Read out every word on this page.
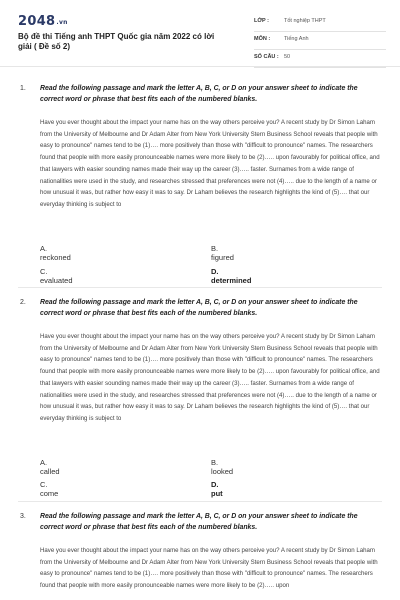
2048.vn
Bộ đề thi Tiếng anh THPT Quốc gia năm 2022 có lời giải ( Đề số 2)
LỚP :	Tốt nghiệp THPT
MÔN :	Tiếng Anh
SỐ CÂU : 50
1. Read the following passage and mark the letter A, B, C, or D on your answer sheet to indicate the correct word or phrase that best fits each of the numbered blanks.
Have you ever thought about the impact your name has on the way others perceive you? A recent study by Dr Simon Laham from the University of Melbourne and Dr Adam Alter from New York University Stern Business School reveals that people with easy to pronounce" names tend to be (1)…. more positively than those with "difficult to pronounce" names. The researchers found that people with more easily pronounceable names were more likely to be (2)….. upon favourably for political office, and that lawyers with easier sounding names made their way up the career (3)….. faster. Surnames from a wide range of nationalities were used in the study, and researches stressed that preferences were not (4)….. due to the length of a name or how unusual it was, but rather how easy it was to say. Dr Laham believes the research highlights the kind of (5)…. that our everyday thinking is subject to
A.reckoned
B.figured
C.evaluated
D.determined
2. Read the following passage and mark the letter A, B, C, or D on your answer sheet to indicate the correct word or phrase that best fits each of the numbered blanks.
Have you ever thought about the impact your name has on the way others perceive you? A recent study by Dr Simon Laham from the University of Melbourne and Dr Adam Alter from New York University Stern Business School reveals that people with easy to pronounce" names tend to be (1)…. more positively than those with "difficult to pronounce" names. The researchers found that people with more easily pronounceable names were more likely to be (2)….. upon favourably for political office, and that lawyers with easier sounding names made their way up the career (3)….. faster. Surnames from a wide range of nationalities were used in the study, and researches stressed that preferences were not (4)….. due to the length of a name or how unusual it was, but rather how easy it was to say. Dr Laham believes the research highlights the kind of (5)…. that our everyday thinking is subject to
A.called
B.looked
C.come
D.put
3. Read the following passage and mark the letter A, B, C, or D on your answer sheet to indicate the correct word or phrase that best fits each of the numbered blanks.
Have you ever thought about the impact your name has on the way others perceive you? A recent study by Dr Simon Laham from the University of Melbourne and Dr Adam Alter from New York University Stern Business School reveals that people with easy to pronounce" names tend to be (1)…. more positively than those with "difficult to pronounce" names. The researchers found that people with more easily pronounceable names were more likely to be (2)….. upon
